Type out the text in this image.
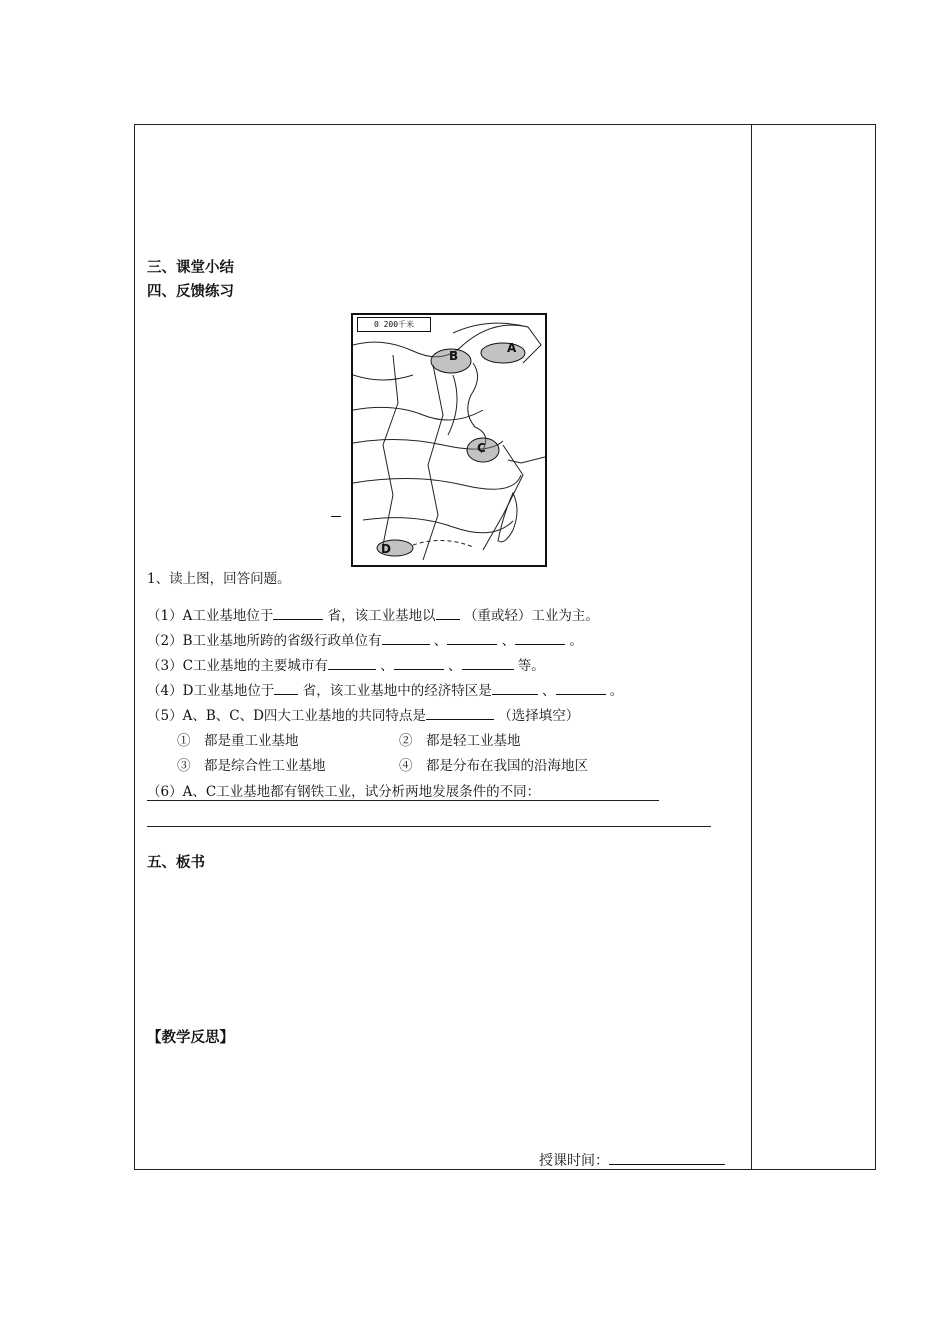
三、课堂小结
四、反馈练习
0 200千米
B
A
C
D
1、读上图，回答问题。
（1）A工业基地位于	省，该工业基地以 （重或轻）工业为主。
（2）B工业基地所跨的省级行政单位有	、	、	。
（3）C工业基地的主要城市有	、	、	等。
（4）D工业基地位于 省，该工业基地中的经济特区是	、	。
（5）A、B、C、D四大工业基地的共同特点是	（选择填空）
①　都是重工业基地	②　都是轻工业基地
③　都是综合性工业基地	④　都是分布在我国的沿海地区
（6）A、C工业基地都有钢铁工业，试分析两地发展条件的不同：
五、板书
【教学反思】
授课时间：
